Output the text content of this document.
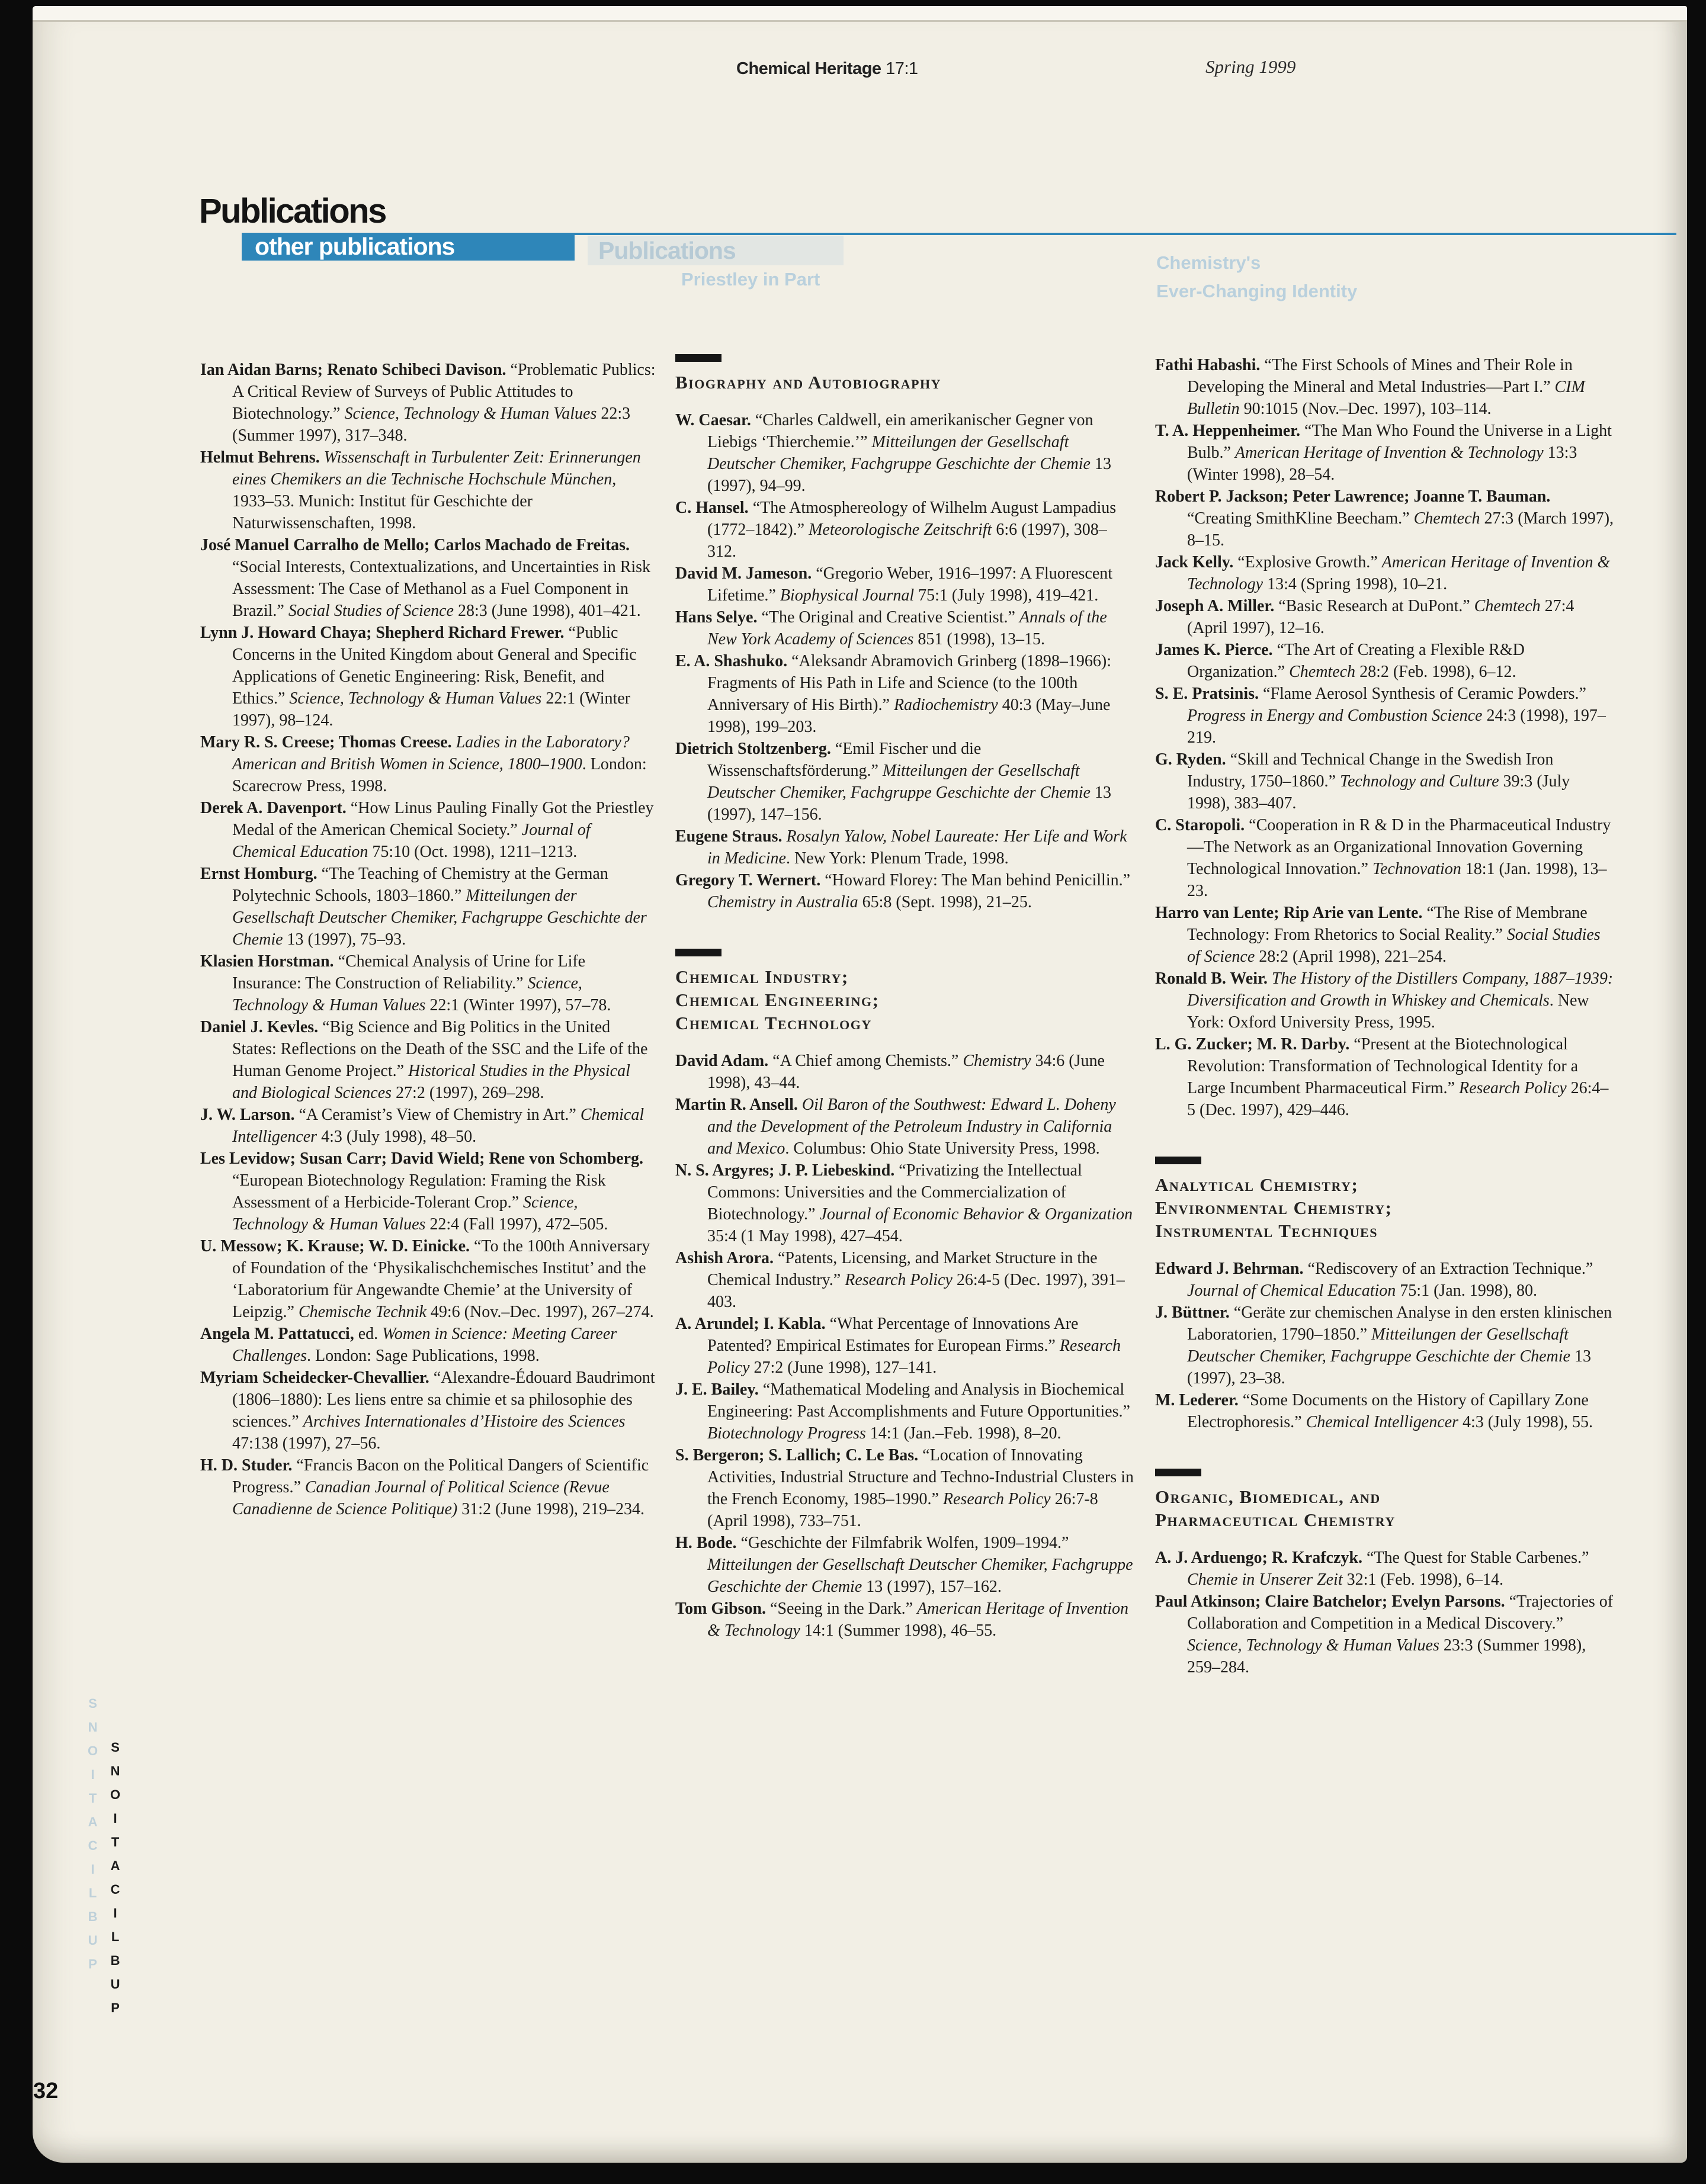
Chemical Heritage 17:1	Spring 1999
Publications
other publications	Publications
Priestley in Part
Chemistry's
Ever-Changing Identity

Ian Aidan Barns; Renato Schibeci Davison. “Problematic Publics: A Critical Review of Surveys of Public Attitudes to Biotechnology.” Science, Technology & Human Values 22:3 (Summer 1997), 317–348.

Helmut Behrens. Wissenschaft in Turbulenter Zeit: Erinnerungen eines Chemikers an die Technische Hochschule München, 1933–53. Munich: Institut für Geschichte der Naturwissenschaften, 1998.

José Manuel Carralho de Mello; Carlos Machado de Freitas. “Social Interests, Contextualizations, and Uncertainties in Risk Assessment: The Case of Methanol as a Fuel Component in Brazil.” Social Studies of Science 28:3 (June 1998), 401–421.

Lynn J. Howard Chaya; Shepherd Richard Frewer. “Public Concerns in the United Kingdom about General and Specific Applications of Genetic Engineering: Risk, Benefit, and Ethics.” Science, Technology & Human Values 22:1 (Winter 1997), 98–124.

Mary R. S. Creese; Thomas Creese. Ladies in the Laboratory? American and British Women in Science, 1800–1900. London: Scarecrow Press, 1998.

Derek A. Davenport. “How Linus Pauling Finally Got the Priestley Medal of the American Chemical Society.” Journal of Chemical Education 75:10 (Oct. 1998), 1211–1213.

Ernst Homburg. “The Teaching of Chemistry at the German Polytechnic Schools, 1803–1860.” Mitteilungen der Gesellschaft Deutscher Chemiker, Fachgruppe Geschichte der Chemie 13 (1997), 75–93.

Klasien Horstman. “Chemical Analysis of Urine for Life Insurance: The Construction of Reliability.” Science, Technology & Human Values 22:1 (Winter 1997), 57–78.

Daniel J. Kevles. “Big Science and Big Politics in the United States: Reflections on the Death of the SSC and the Life of the Human Genome Project.” Historical Studies in the Physical and Biological Sciences 27:2 (1997), 269–298.

J. W. Larson. “A Ceramist’s View of Chemistry in Art.” Chemical Intelligencer 4:3 (July 1998), 48–50.

Les Levidow; Susan Carr; David Wield; Rene von Schomberg. “European Biotechnology Regulation: Framing the Risk Assessment of a Herbicide-Tolerant Crop.” Science, Technology & Human Values 22:4 (Fall 1997), 472–505.

U. Messow; K. Krause; W. D. Einicke. “To the 100th Anniversary of Foundation of the ‘Physikalischchemisches Institut’ and the ‘Laboratorium für Angewandte Chemie’ at the University of Leipzig.” Chemische Technik 49:6 (Nov.–Dec. 1997), 267–274.

Angela M. Pattatucci, ed. Women in Science: Meeting Career Challenges. London: Sage Publications, 1998.

Myriam Scheidecker-Chevallier. “Alexandre-Édouard Baudrimont (1806–1880): Les liens entre sa chimie et sa philosophie des sciences.” Archives Internationales d’Histoire des Sciences 47:138 (1997), 27–56.

H. D. Studer. “Francis Bacon on the Political Dangers of Scientific Progress.” Canadian Journal of Political Science (Revue Canadienne de Science Politique) 31:2 (June 1998), 219–234.

Biography and Autobiography

W. Caesar. “Charles Caldwell, ein amerikanischer Gegner von Liebigs ‘Thierchemie.’” Mitteilungen der Gesellschaft Deutscher Chemiker, Fachgruppe Geschichte der Chemie 13 (1997), 94–99.

C. Hansel. “The Atmosphereology of Wilhelm August Lampadius (1772–1842).” Meteorologische Zeitschrift 6:6 (1997), 308–312.

David M. Jameson. “Gregorio Weber, 1916–1997: A Fluorescent Lifetime.” Biophysical Journal 75:1 (July 1998), 419–421.

Hans Selye. “The Original and Creative Scientist.” Annals of the New York Academy of Sciences 851 (1998), 13–15.

E. A. Shashuko. “Aleksandr Abramovich Grinberg (1898–1966): Fragments of His Path in Life and Science (to the 100th Anniversary of His Birth).” Radiochemistry 40:3 (May–June 1998), 199–203.

Dietrich Stoltzenberg. “Emil Fischer und die Wissenschaftsförderung.” Mitteilungen der Gesellschaft Deutscher Chemiker, Fachgruppe Geschichte der Chemie 13 (1997), 147–156.

Eugene Straus. Rosalyn Yalow, Nobel Laureate: Her Life and Work in Medicine. New York: Plenum Trade, 1998.

Gregory T. Wernert. “Howard Florey: The Man behind Penicillin.” Chemistry in Australia 65:8 (Sept. 1998), 21–25.

Chemical Industry;
Chemical Engineering;
Chemical Technology

David Adam. “A Chief among Chemists.” Chemistry 34:6 (June 1998), 43–44.

Martin R. Ansell. Oil Baron of the Southwest: Edward L. Doheny and the Development of the Petroleum Industry in California and Mexico. Columbus: Ohio State University Press, 1998.

N. S. Argyres; J. P. Liebeskind. “Privatizing the Intellectual Commons: Universities and the Commercialization of Biotechnology.” Journal of Economic Behavior & Organization 35:4 (1 May 1998), 427–454.

Ashish Arora. “Patents, Licensing, and Market Structure in the Chemical Industry.” Research Policy 26:4-5 (Dec. 1997), 391–403.

A. Arundel; I. Kabla. “What Percentage of Innovations Are Patented? Empirical Estimates for European Firms.” Research Policy 27:2 (June 1998), 127–141.

J. E. Bailey. “Mathematical Modeling and Analysis in Biochemical Engineering: Past Accomplishments and Future Opportunities.” Biotechnology Progress 14:1 (Jan.–Feb. 1998), 8–20.

S. Bergeron; S. Lallich; C. Le Bas. “Location of Innovating Activities, Industrial Structure and Techno-Industrial Clusters in the French Economy, 1985–1990.” Research Policy 26:7-8 (April 1998), 733–751.

H. Bode. “Geschichte der Filmfabrik Wolfen, 1909–1994.” Mitteilungen der Gesellschaft Deutscher Chemiker, Fachgruppe Geschichte der Chemie 13 (1997), 157–162.

Tom Gibson. “Seeing in the Dark.” American Heritage of Invention & Technology 14:1 (Summer 1998), 46–55.

Fathi Habashi. “The First Schools of Mines and Their Role in Developing the Mineral and Metal Industries—Part I.” CIM Bulletin 90:1015 (Nov.–Dec. 1997), 103–114.

T. A. Heppenheimer. “The Man Who Found the Universe in a Light Bulb.” American Heritage of Invention & Technology 13:3 (Winter 1998), 28–54.

Robert P. Jackson; Peter Lawrence; Joanne T. Bauman. “Creating SmithKline Beecham.” Chemtech 27:3 (March 1997), 8–15.

Jack Kelly. “Explosive Growth.” American Heritage of Invention & Technology 13:4 (Spring 1998), 10–21.

Joseph A. Miller. “Basic Research at DuPont.” Chemtech 27:4 (April 1997), 12–16.

James K. Pierce. “The Art of Creating a Flexible R&D Organization.” Chemtech 28:2 (Feb. 1998), 6–12.

S. E. Pratsinis. “Flame Aerosol Synthesis of Ceramic Powders.” Progress in Energy and Combustion Science 24:3 (1998), 197–219.

G. Ryden. “Skill and Technical Change in the Swedish Iron Industry, 1750–1860.” Technology and Culture 39:3 (July 1998), 383–407.

C. Staropoli. “Cooperation in R & D in the Pharmaceutical Industry—The Network as an Organizational Innovation Governing Technological Innovation.” Technovation 18:1 (Jan. 1998), 13–23.

Harro van Lente; Rip Arie van Lente. “The Rise of Membrane Technology: From Rhetorics to Social Reality.” Social Studies of Science 28:2 (April 1998), 221–254.

Ronald B. Weir. The History of the Distillers Company, 1887–1939: Diversification and Growth in Whiskey and Chemicals. New York: Oxford University Press, 1995.

L. G. Zucker; M. R. Darby. “Present at the Biotechnological Revolution: Transformation of Technological Identity for a Large Incumbent Pharmaceutical Firm.” Research Policy 26:4–5 (Dec. 1997), 429–446.

Analytical Chemistry;
Environmental Chemistry;
Instrumental Techniques

Edward J. Behrman. “Rediscovery of an Extraction Technique.” Journal of Chemical Education 75:1 (Jan. 1998), 80.

J. Büttner. “Geräte zur chemischen Analyse in den ersten klinischen Laboratorien, 1790–1850.” Mitteilungen der Gesellschaft Deutscher Chemiker, Fachgruppe Geschichte der Chemie 13 (1997), 23–38.

M. Lederer. “Some Documents on the History of Capillary Zone Electrophoresis.” Chemical Intelligencer 4:3 (July 1998), 55.

Organic, Biomedical, and
Pharmaceutical Chemistry

A. J. Arduengo; R. Krafczyk. “The Quest for Stable Carbenes.” Chemie in Unserer Zeit 32:1 (Feb. 1998), 6–14.

Paul Atkinson; Claire Batchelor; Evelyn Parsons. “Trajectories of Collaboration and Competition in a Medical Discovery.” Science, Technology & Human Values 23:3 (Summer 1998), 259–284.

S
N
O
I
T
A
C
I
L
B
U
P
S
N
O
I
T
A
C
I
L
B
U
P
32
